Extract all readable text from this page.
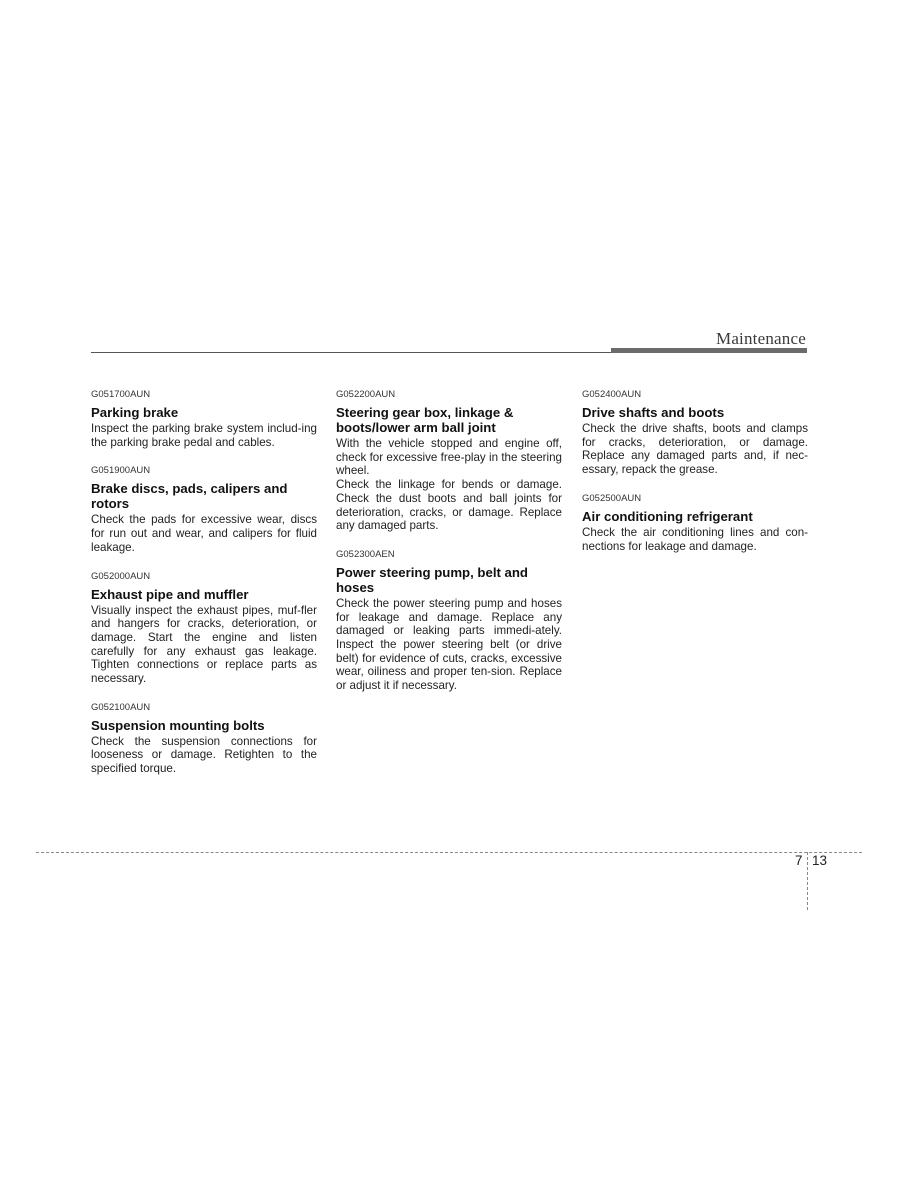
Maintenance

G051700AUN

Parking brake

Inspect the parking brake system includ-ing the parking brake pedal and cables.

G051900AUN

Brake discs, pads, calipers and rotors

Check the pads for excessive wear, discs for run out and wear, and calipers for fluid leakage.

G052000AUN

Exhaust pipe and muffler

Visually inspect the exhaust pipes, muf-fler and hangers for cracks, deterioration, or damage. Start the engine and listen carefully for any exhaust gas leakage. Tighten connections or replace parts as necessary.

G052100AUN

Suspension mounting bolts

Check the suspension connections for looseness or damage. Retighten to the specified torque.

G052200AUN

Steering gear box, linkage & boots/lower arm ball joint

With the vehicle stopped and engine off, check for excessive free-play in the steering wheel.

Check the linkage for bends or damage. Check the dust boots and ball joints for deterioration, cracks, or damage. Replace any damaged parts.

G052300AEN

Power steering pump, belt and hoses

Check the power steering pump and hoses for leakage and damage. Replace any damaged or leaking parts immedi-ately. Inspect the power steering belt (or drive belt) for evidence of cuts, cracks, excessive wear, oiliness and proper ten-sion. Replace or adjust it if necessary.

G052400AUN

Drive shafts and boots

Check the drive shafts, boots and clamps for cracks, deterioration, or damage. Replace any damaged parts and, if nec-essary, repack the grease.

G052500AUN

Air conditioning refrigerant

Check the air conditioning lines and con-nections for leakage and damage.

7 13
